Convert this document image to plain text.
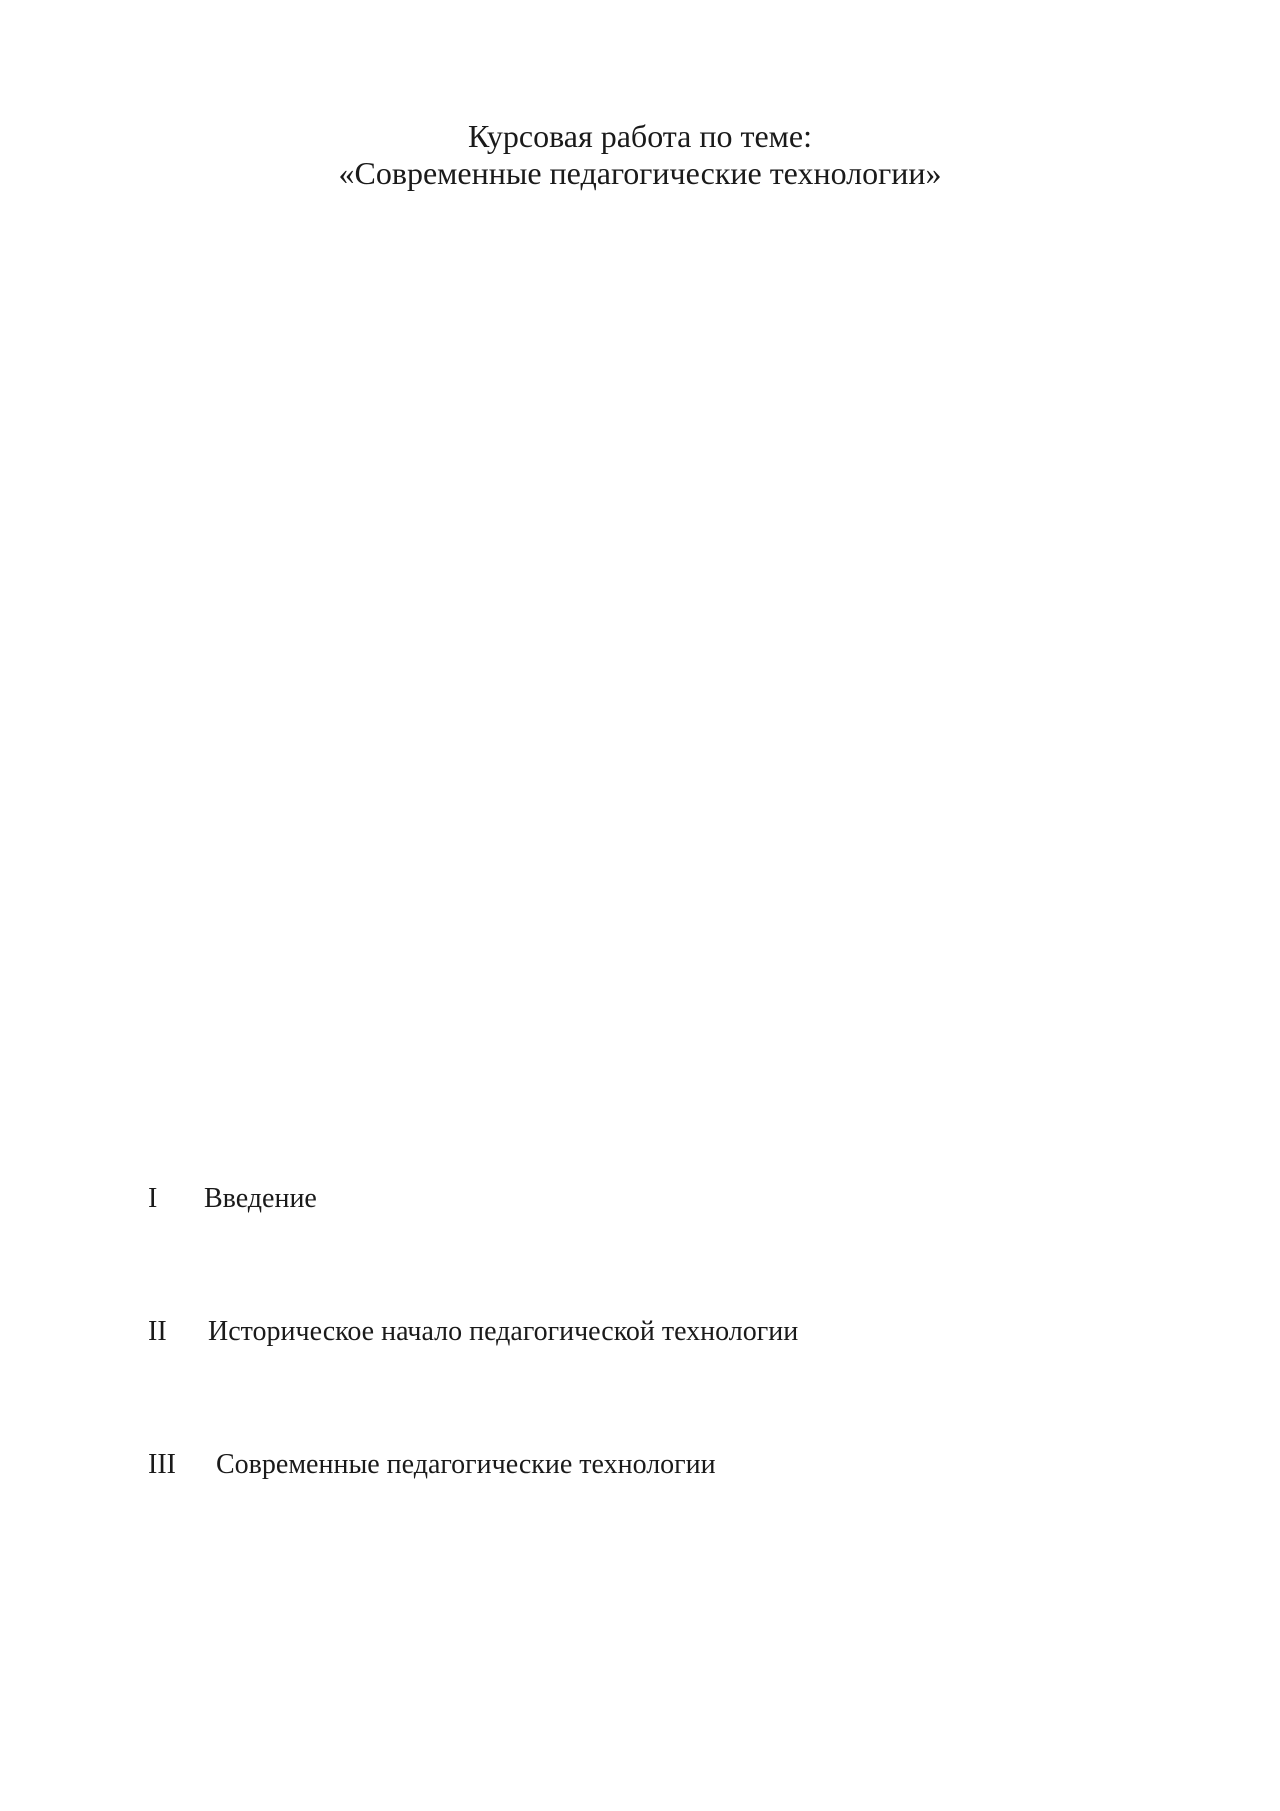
Курсовая работа по теме:
«Современные педагогические технологии»
I Введение
II Историческое начало педагогической технологии
III Современные педагогические технологии
